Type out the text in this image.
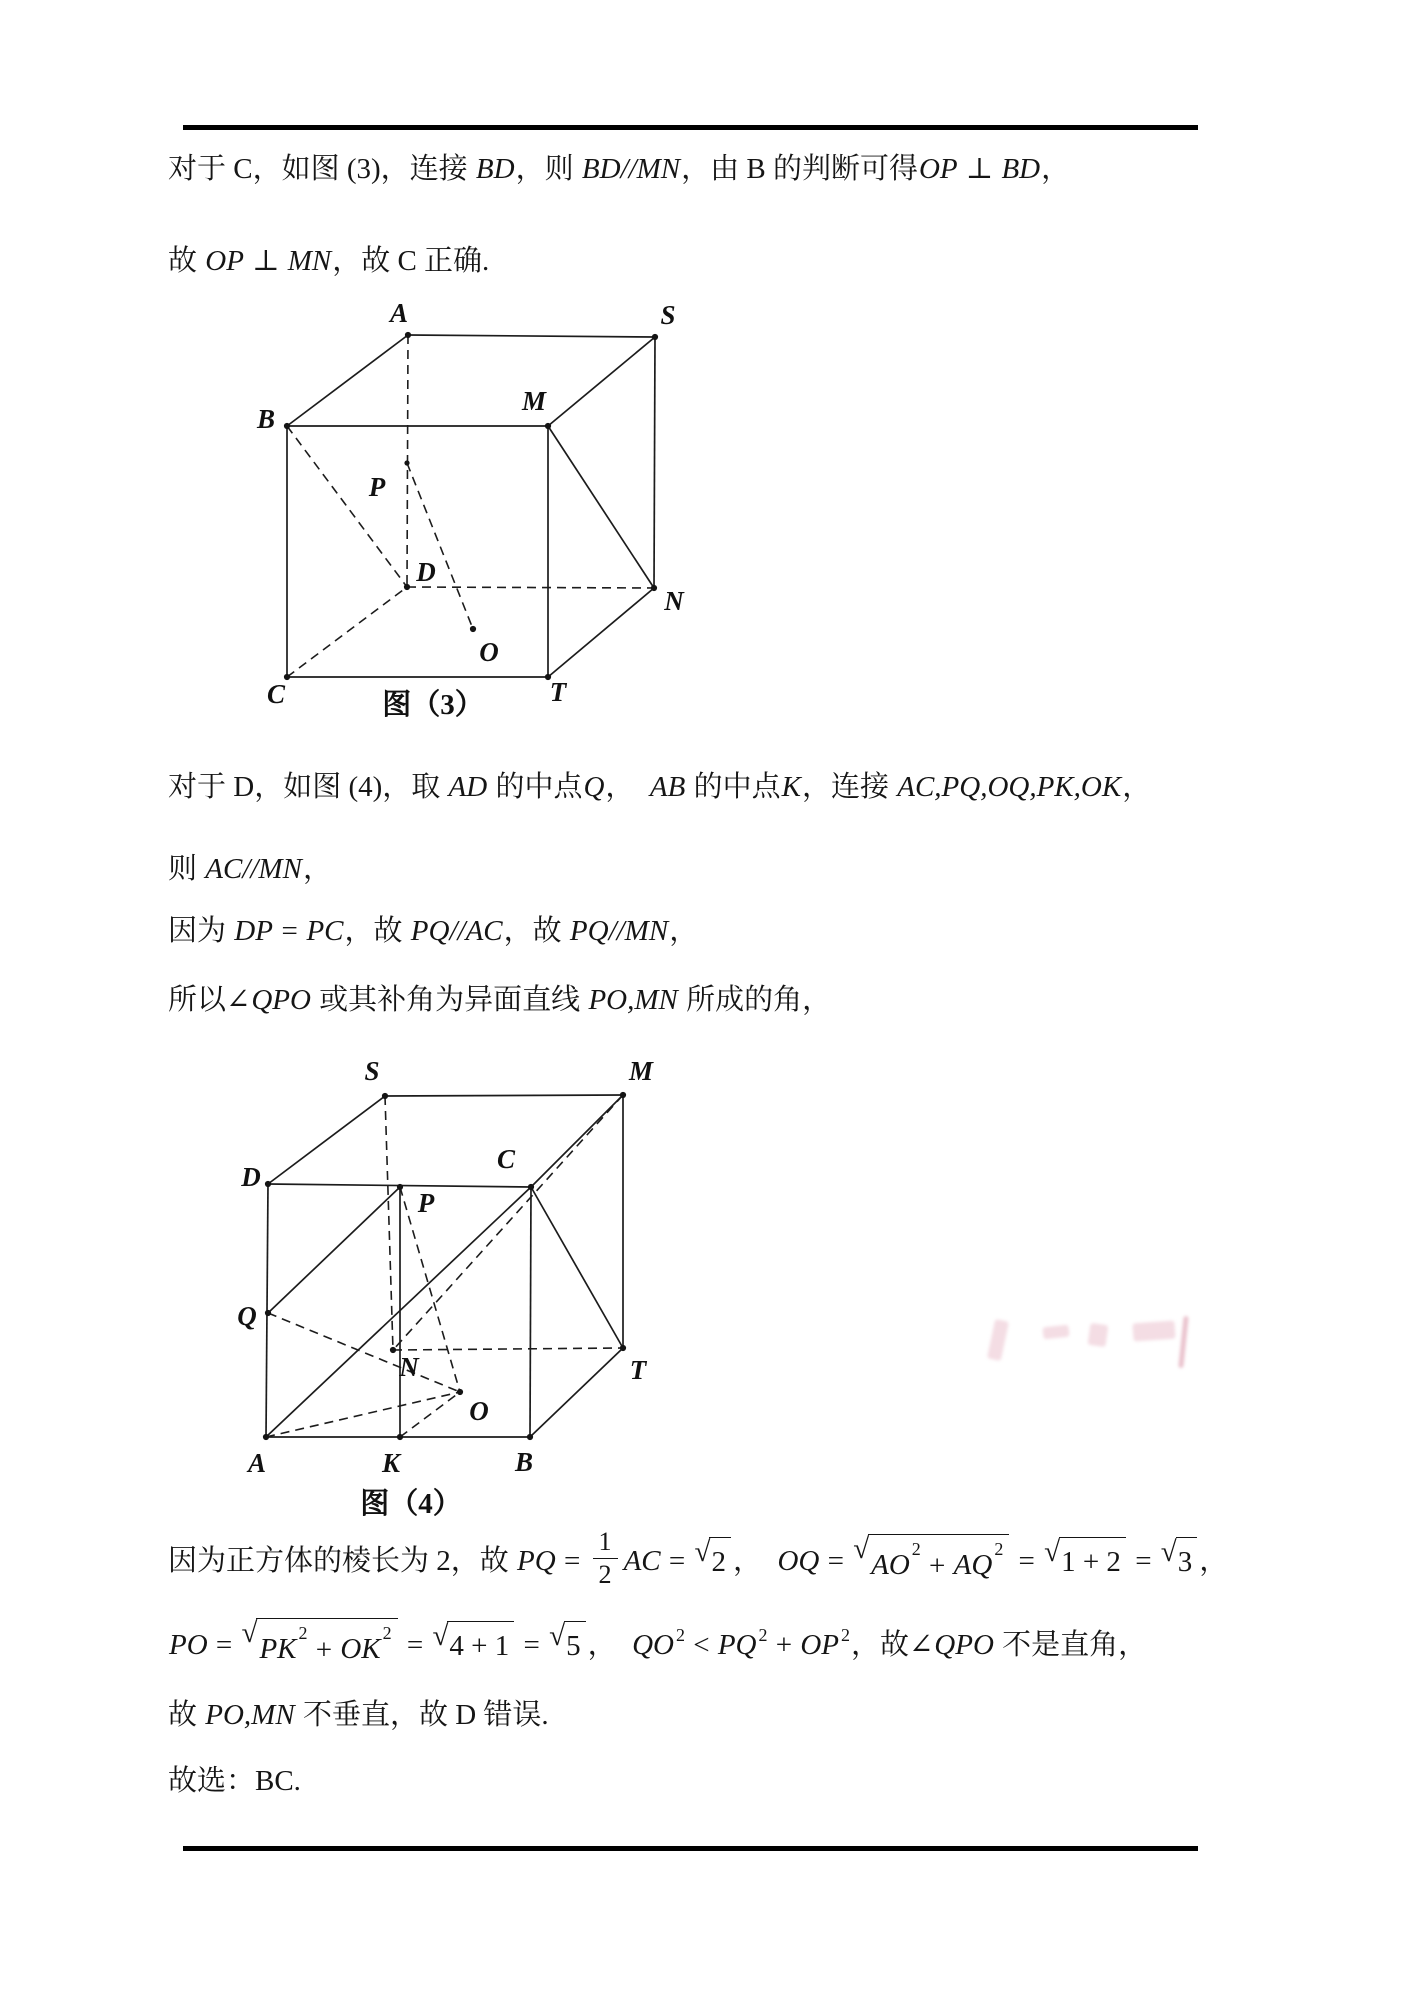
对于 C，如图 (3)，连接 BD ，则 BD//MN ，由 B 的判断可得 OP ⊥ BD ，
故 OP ⊥ MN ，故 C 正确.
A	S
B
M
P
D
N
O
C	T
图（3）
对于 D，如图 (4)，取 AD 的中点 Q ， AB 的中点 K ，连接 AC,PQ,OQ,PK,OK ，
则 AC//MN ，
因为 DP = PC ，故 PQ//AC ，故 PQ//MN ，
所以∠ QPO 或其补角为异面直线 PO,MN 所成的角，
S	M
D
C
P
Q
N	T
O
A	K	B
图（4）
因为正方体的棱长为 2，故 PQ = $\frac{1}{2}$ AC = √ 2 ， OQ = √
$AO^2 + AQ^2$ = √ 1 + 2 = √ 3 ，
PO = √
$PK^2 + OK^2$ = √ 4 + 1 = √ 5 ， QO 2 < PQ 2 + OP 2 ，故∠ QPO 不是直角，
故 PO,MN 不垂直，故 D 错误.
故选：BC.
